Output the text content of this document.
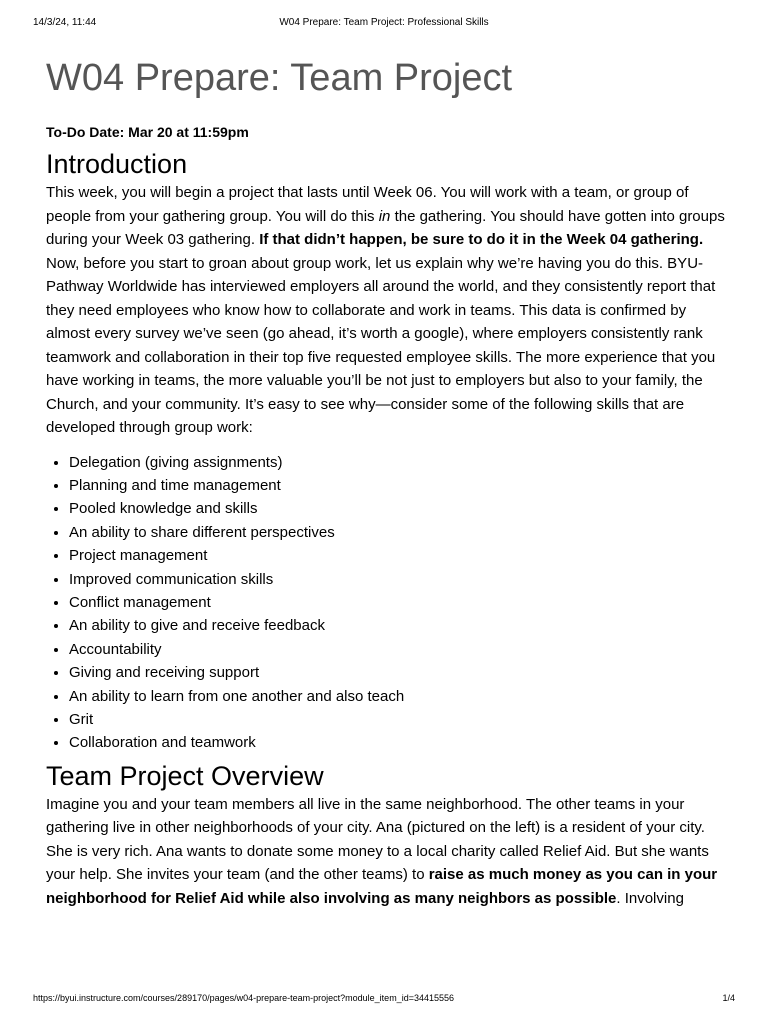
14/3/24, 11:44	W04 Prepare: Team Project: Professional Skills
W04 Prepare: Team Project
To-Do Date: Mar 20 at 11:59pm
Introduction

This week, you will begin a project that lasts until Week 06. You will work with a team, or group of people from your gathering group. You will do this in the gathering. You should have gotten into groups during your Week 03 gathering. If that didn’t happen, be sure to do it in the Week 04 gathering.

Now, before you start to groan about group work, let us explain why we’re having you do this. BYU-Pathway Worldwide has interviewed employers all around the world, and they consistently report that they need employees who know how to collaborate and work in teams. This data is confirmed by almost every survey we’ve seen (go ahead, it’s worth a google), where employers consistently rank teamwork and collaboration in their top five requested employee skills. The more experience that you have working in teams, the more valuable you’ll be not just to employers but also to your family, the Church, and your community. It’s easy to see why—consider some of the following skills that are developed through group work:

• Delegation (giving assignments)
• Planning and time management
• Pooled knowledge and skills
• An ability to share different perspectives
• Project management
• Improved communication skills
• Conflict management
• An ability to give and receive feedback
• Accountability
• Giving and receiving support
• An ability to learn from one another and also teach
• Grit
• Collaboration and teamwork
Team Project Overview

Imagine you and your team members all live in the same neighborhood. The other teams in your gathering live in other neighborhoods of your city. Ana (pictured on the left) is a resident of your city. She is very rich. Ana wants to donate some money to a local charity called Relief Aid. But she wants your help. She invites your team (and the other teams) to raise as much money as you can in your neighborhood for Relief Aid while also involving as many neighbors as possible. Involving

https://byui.instructure.com/courses/289170/pages/w04-prepare-team-project?module_item_id=34415556	1/4
